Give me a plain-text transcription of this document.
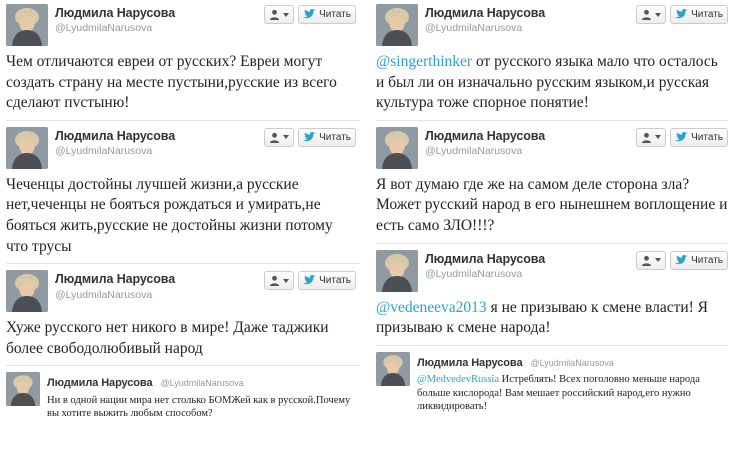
Людмила Нарусова
@LyudmilaNarusova
Читать

Чем отличаются евреи от русских? Евреи могут создать страну на месте пустыни,русские из всего сделают пvстыню!

Людмила Нарусова
@LyudmilaNarusova
Читать

Чеченцы достойны лучшей жизни,а русские нет,чеченцы не бояться рождаться и умирать,не бояться жить,русские не достойны жизни потому что трусы

Людмила Нарусова
@LyudmilaNarusova
Читать

Хуже русского нет никого в мире! Даже таджики более свободолюбивый народ

Людмила Нарусова @LyudmilaNarusova

Ни в одной нации мира нет столько БОМЖей как в русской.Почему вы хотите выжить любым способом?

Людмила Нарусова
@LyudmilaNarusova
Читать

@singerthinker от русского языка мало что осталось и был ли он изначально русским языком,и русская культура тоже спорное понятие!

Людмила Нарусова
@LyudmilaNarusova
Читать

Я вот думаю где же на самом деле сторона зла? Может русский народ в его нынешнем воплощение и есть само ЗЛО!!!?

Людмила Нарусова
@LyudmilaNarusova
Читать

@vedeneeva2013 я не призываю к смене власти! Я призываю к смене народа!

Людмила Нарусова @LyudmilaNarusova

@MedvedevRussia Истреблять! Всех поголовно меньше народа больше кислорода! Вам мешает российский народ,его нужно ликвидировать!
